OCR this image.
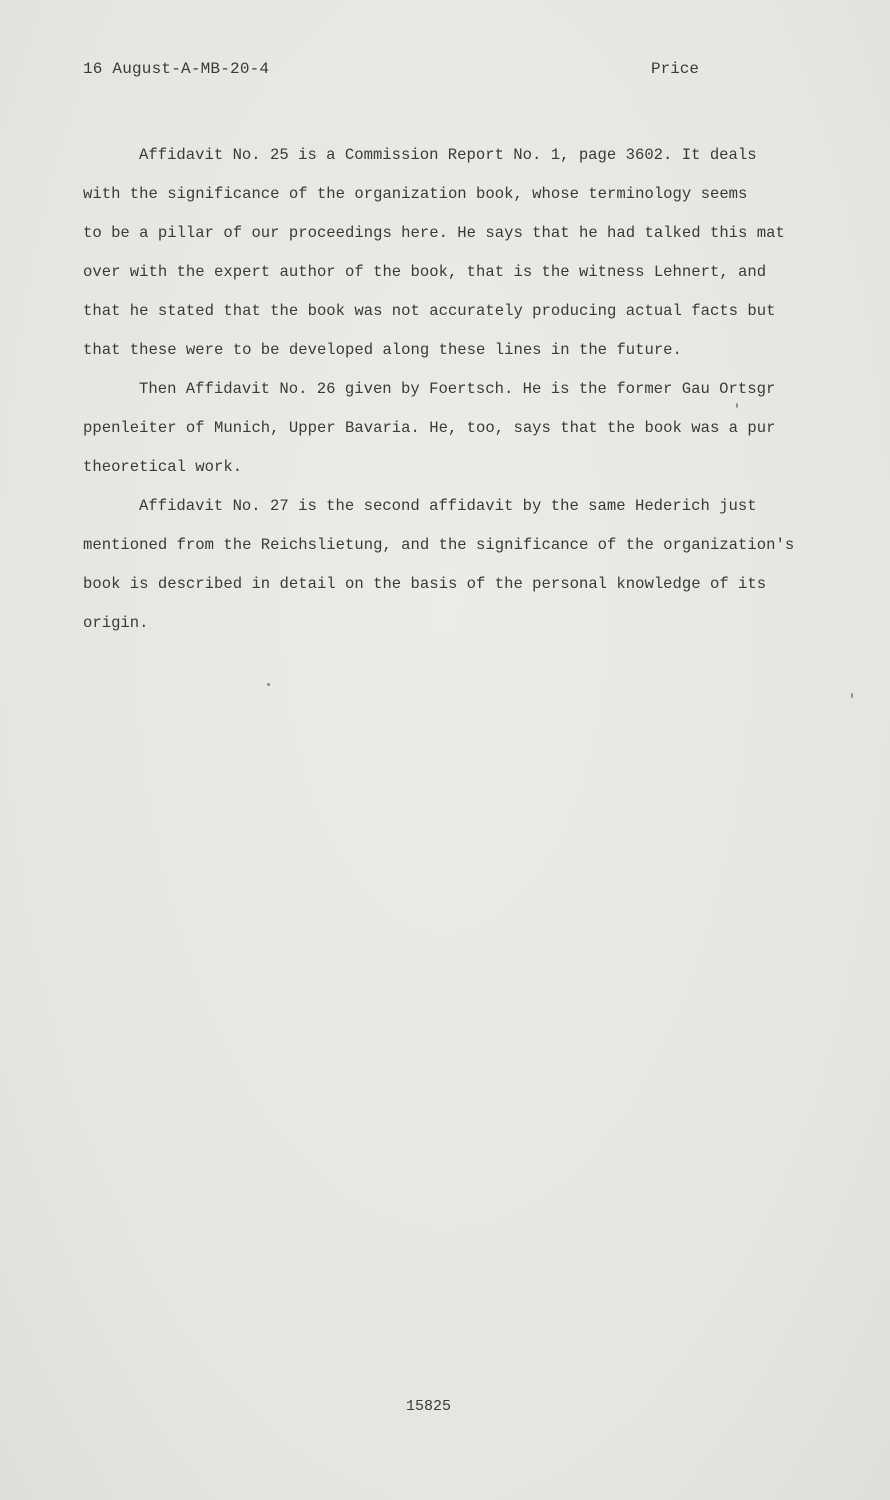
16 August-A-MB-20-4	Price
Affidavit No. 25 is a Commission Report No. 1, page 3602. It deals
with the significance of the organization book, whose terminology seems
to be a pillar of our proceedings here. He says that he had talked this mat
over with the expert author of the book, that is the witness Lehnert, and
that he stated that the book was not accurately producing actual facts but
that these were to be developed along these lines in the future.
Then Affidavit No. 26 given by Foertsch. He is the former Gau Ortsgr
ppenleiter of Munich, Upper Bavaria. He, too, says that the book was a pur
theoretical work.
Affidavit No. 27 is the second affidavit by the same Hederich just
mentioned from the Reichslietung, and the significance of the organization's
book is described in detail on the basis of the personal knowledge of its
origin.
15825
